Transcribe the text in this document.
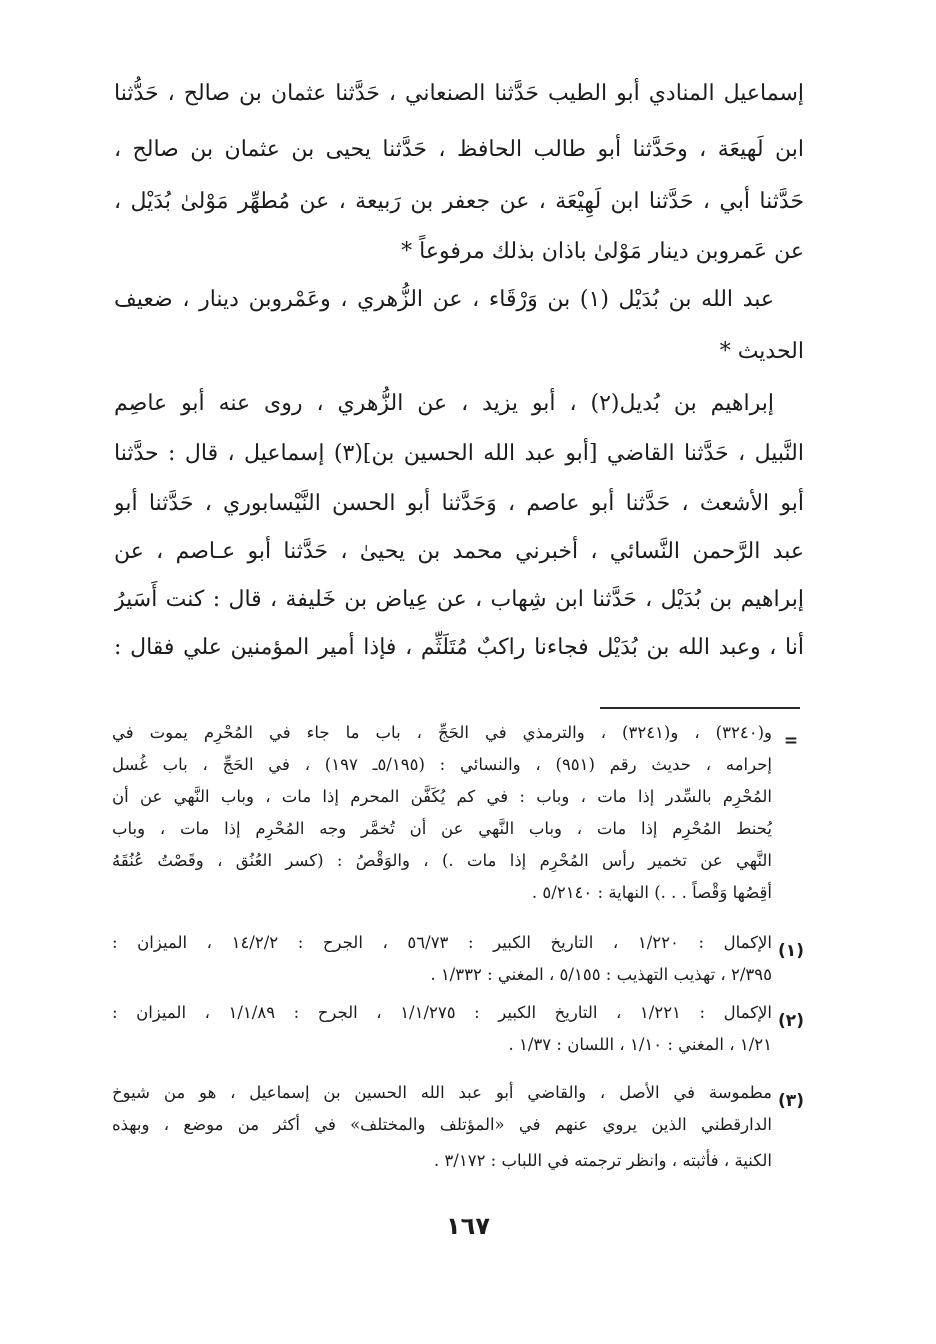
إسماعيل المنادي أبو الطيب حَدَّثنا الصنعاني ، حَدَّثنا عثمان بن صالح ، حَدُّثنا

ابن لَهيعَة ، وحَدَّثنا أبو طالب الحافظ ، حَدَّثنا يحيى بن عثمان بن صالح ،

حَدَّثنا أبي ، حَدَّثنا ابن لَهِيْعَة ، عن جعفر بن رَبيعة ، عن مُطهِّر مَوْلىٰ بُدَيْل ،

عن عَمروبن دينار مَوْلىٰ باذان بذلك مرفوعاً *

عبد الله بن بُدَيْل (١) بن وَرْقَاء ، عن الزُّهري ، وعَمْروبن دينار ، ضعيف

الحديث *

إبراهيم بن بُديل(٢) ، أبو يزيد ، عن الزُّهري ، روى عنه أبو عاصِم

النَّبيل ، حَدَّثنا القاضي [أبو عبد الله الحسين بن](٣) إسماعيل ، قال : حدَّثنا

أبو الأشعث ، حَدَّثنا أبو عاصم ، وَحَدَّثنا أبو الحسن النَّيْسابوري ، حَدَّثنا أبو

عبد الرَّحمن النَّسائي ، أخبرني محمد بن يحيىٰ ، حَدَّثنا أبو عـاصم ، عن

إبراهيم بن بُدَيْل ، حَدَّثنا ابن شِهاب ، عن عِياض بن خَليفة ، قال : كنت أَسَيرُ

أنا ، وعبد الله بن بُدَيْل فجاءنا راكبٌ مُتَلَثِّم ، فإذا أمير المؤمنين علي فقال :

=

و(٣٢٤٠) ، و(٣٢٤١) ، والترمذي في الحَجِّ ، باب ما جاء في المُحْرِم يموت في

إحرامه ، حديث رقم (٩٥١) ، والنسائي : (٥/١٩٥ـ ١٩٧) ، في الحَجِّ ، باب غُسل

المُحْرِم بالسِّدر إذا مات ، وباب : في كم يُكَفَّن المحرم إذا مات ، وباب النَّهي عن أن

يُحنط المُحْرِم إذا مات ، وباب النَّهي عن أن تُخمَّر وجه المُحْرِم إذا مات ، وباب

النَّهي عن تخمير رأس المُحْرِم إذا مات .) ، والوَقْصُ : (كسر العُنُق ، وقَصْتُ عُنُقَهُ

أقِصُها وَقْصاً . . .) النهاية : ٥/٢١٤٠ .

(١)

الإكمال : ١/٢٢٠ ، التاريخ الكبير : ٥٦/٧٣ ، الجرح : ١٤/٢/٢ ، الميزان :

٢/٣٩٥ ، تهذيب التهذيب : ٥/١٥٥ ، المغني : ١/٣٣٢ .

(٢)

الإكمال : ١/٢٢١ ، التاريخ الكبير : ١/١/٢٧٥ ، الجرح : ١/١/٨٩ ، الميزان :

١/٢١ ، المغني : ١/١٠ ، اللسان : ١/٣٧ .

(٣)

مطموسة في الأصل ، والقاضي أبو عبد الله الحسين بن إسماعيل ، هو من شيوخ

الدارقطني الذين يروي عنهم في «المؤتلف والمختلف» في أكثر من موضع ، وبهذه

الكنية ، فأثبته ، وانظر ترجمته في اللباب : ٣/١٧٢ .

١٦٧
